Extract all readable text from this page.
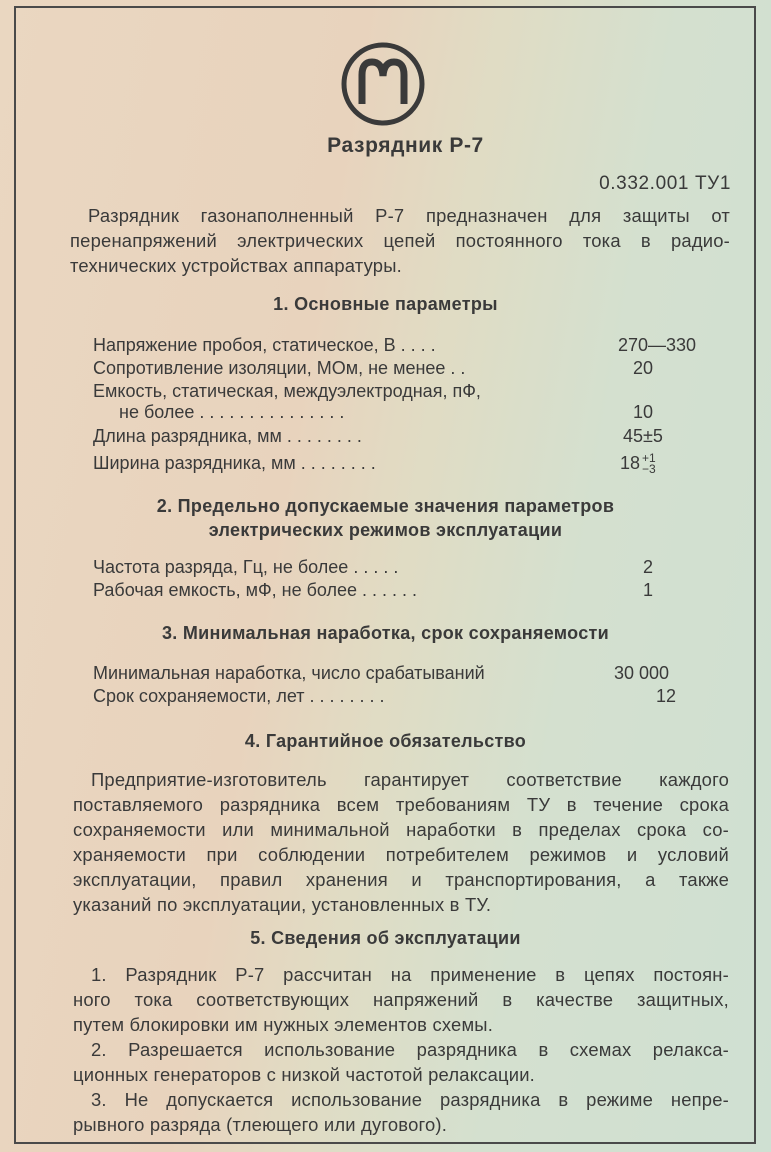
Разрядник Р-7
0.332.001 ТУ1
Разрядник газонаполненный Р-7 предназначен для защиты от
перенапряжений электрических цепей постоянного тока в радио-
технических устройствах аппаратуры.
1. Основные параметры
Напряжение пробоя, статическое, В . . . .	270—330
Сопротивление изоляции, МОм, не менее . .	20
Емкость, статическая, междуэлектродная, пФ,
не более . . . . . . . . . . . . . . .	10
Длина разрядника, мм . . . . . . . .	45±5
Ширина разрядника, мм . . . . . . . .	18 +1
−3
2. Предельно допускаемые значения параметров
электрических режимов эксплуатации
Частота разряда, Гц, не более . . . . .	2
Рабочая емкость, мФ, не более . . . . . .	1
3. Минимальная наработка, срок сохраняемости
Минимальная наработка, число срабатываний	30 000
Срок сохраняемости, лет . . . . . . . .	12
4. Гарантийное обязательство
Предприятие-изготовитель гарантирует соответствие каждого
поставляемого разрядника всем требованиям ТУ в течение срока
сохраняемости или минимальной наработки в пределах срока со-
храняемости при соблюдении потребителем режимов и условий
эксплуатации, правил хранения и транспортирования, а также
указаний по эксплуатации, установленных в ТУ.
5. Сведения об эксплуатации
1. Разрядник Р-7 рассчитан на применение в цепях постоян-
ного тока соответствующих напряжений в качестве защитных,
путем блокировки им нужных элементов схемы.
2. Разрешается использование разрядника в схемах релакса-
ционных генераторов с низкой частотой релаксации.
3. Не допускается использование разрядника в режиме непре-
рывного разряда (тлеющего или дугового).
